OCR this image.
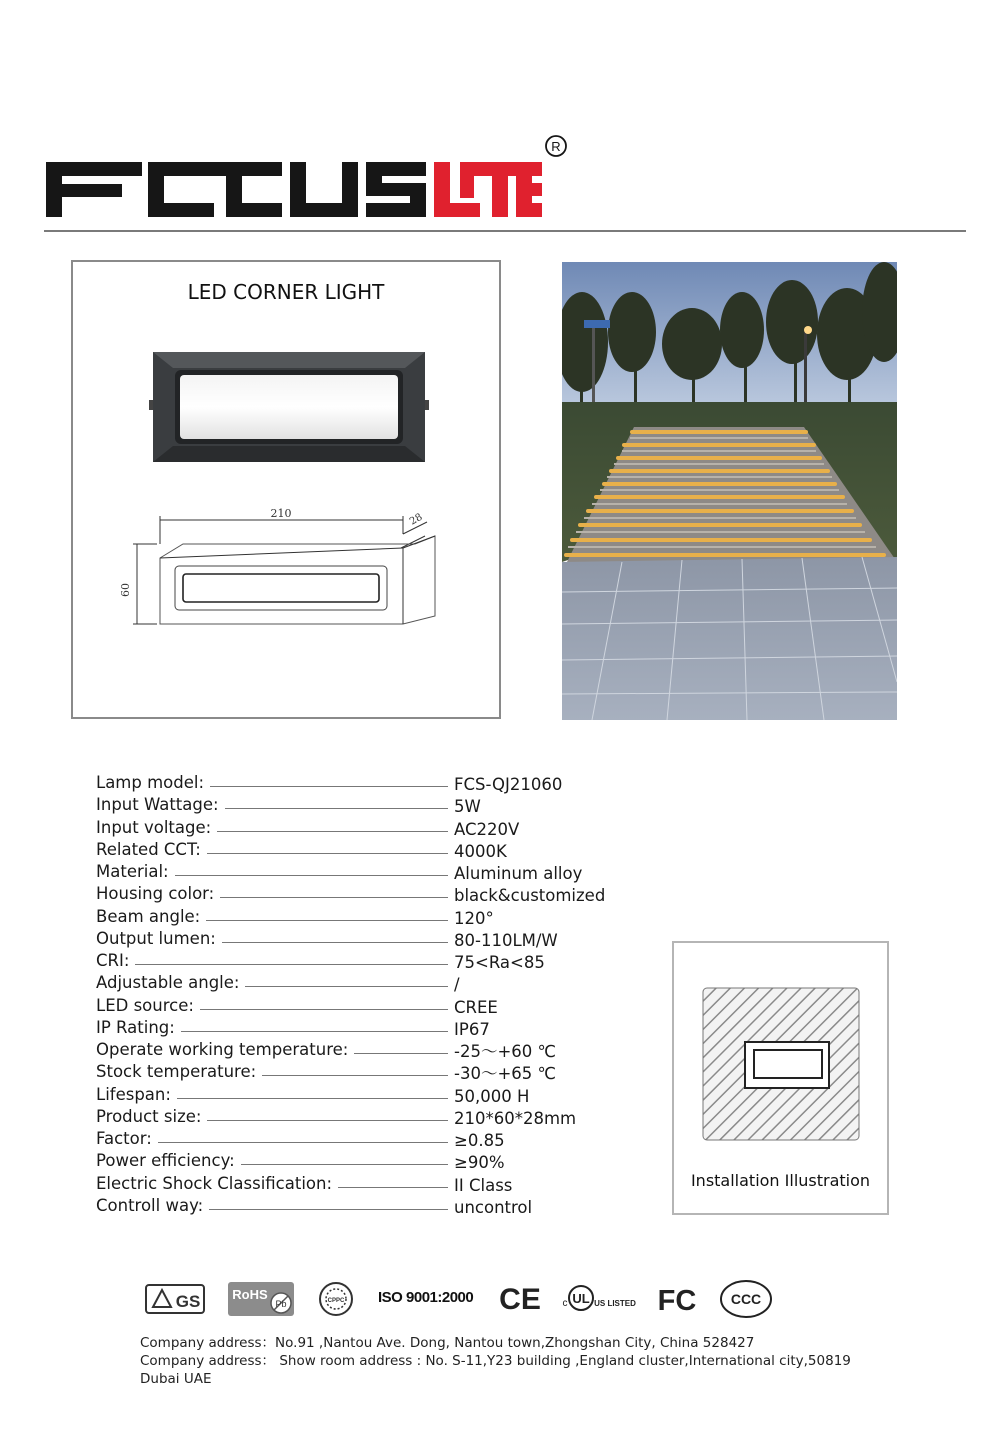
R
LED CORNER LIGHT
210	28
60
Lamp model:	FCS-QJ21060
Input Wattage:	5W
Input voltage:	AC220V
Related CCT:	4000K
Material:	Aluminum alloy
Housing color:	black&customized
Beam angle:	120°
Output lumen:	80-110LM/W
CRI:	75<Ra<85
Adjustable angle:	/
LED source:	CREE
IP Rating:	IP67
Operate working temperature:	-25～+60 ℃
Stock temperature:	-30～+65 ℃
Lifespan:	50,000 H
Product size:	210*60*28mm
Factor:	≥0.85
Power efficiency:	≥90%
Electric Shock Classification:	II Class
Controll way:	uncontrol
Installation Illustration
GS RoHS
Pb	CPPC	CE c UL US LISTED FC CCC
ISO 9001:2000

Company address：No.91 ,Nantou Ave. Dong, Nantou town,Zhongshan City, China 528427

Company address： Show room address : No. S-11,Y23 building ,England cluster,International city,50819 Dubai UAE
